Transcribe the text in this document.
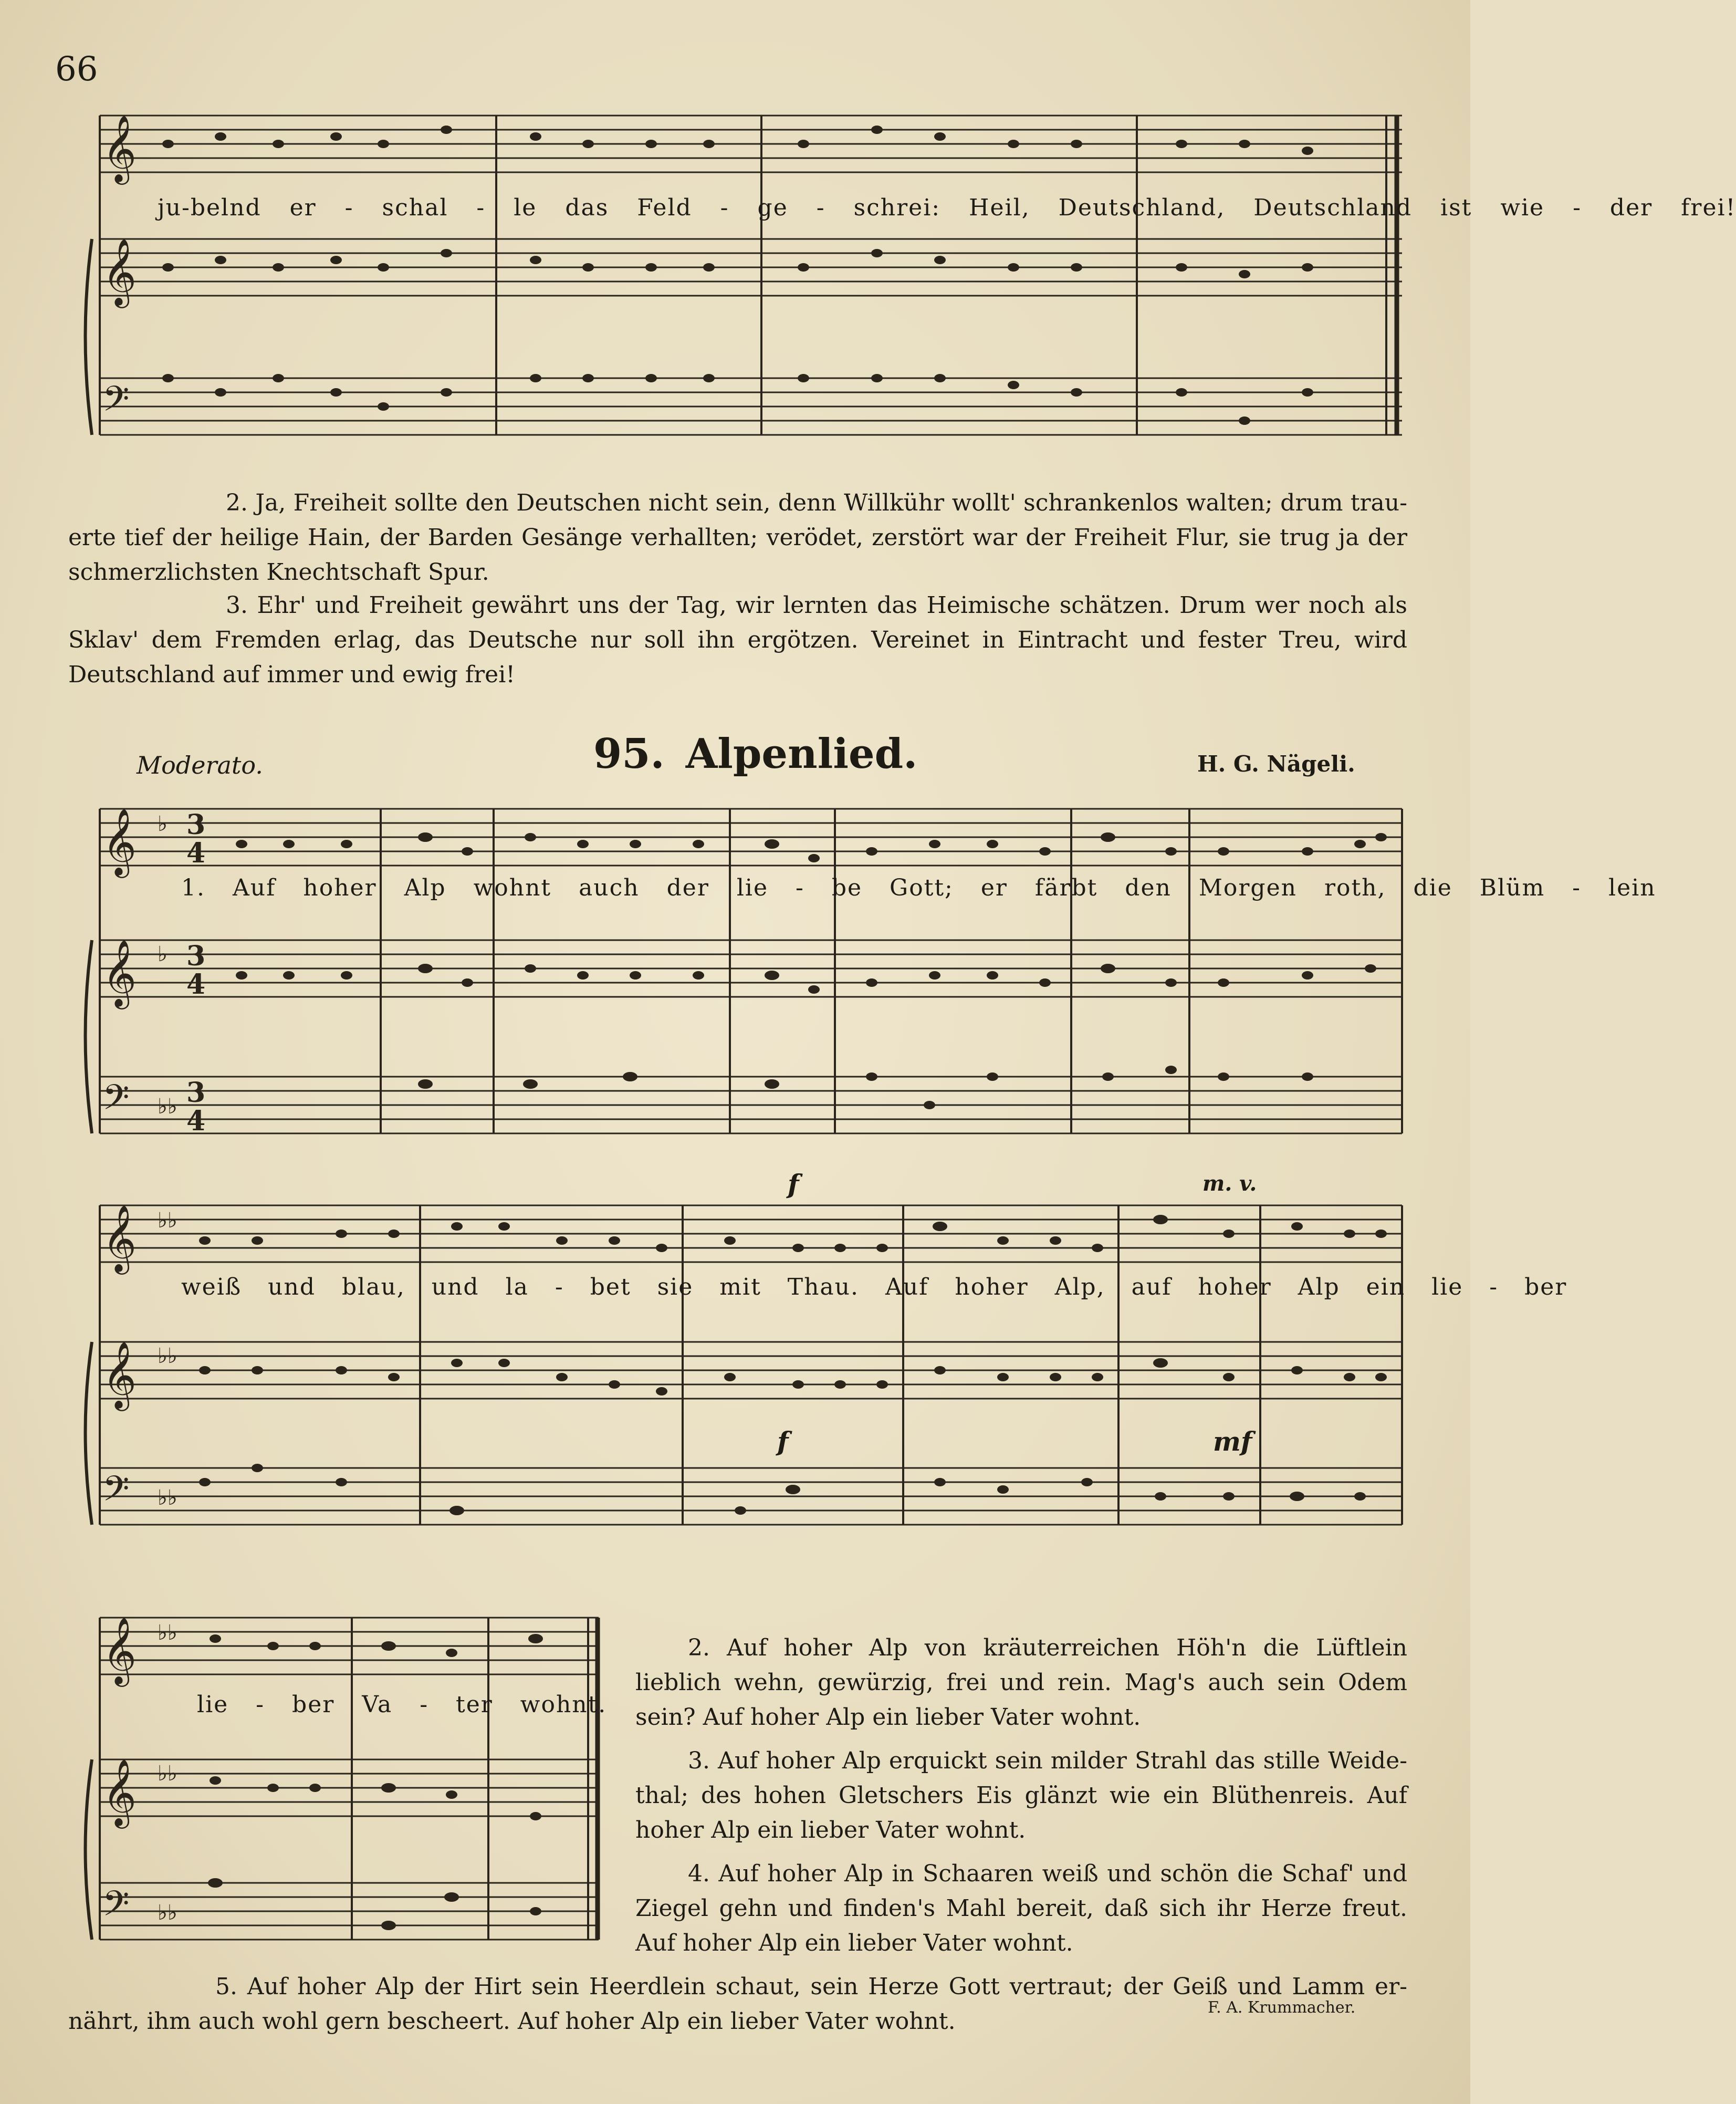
66
𝄞
𝄞
𝄢
ju-belnd er - schal - le das Feld - ge - schrei: Heil, Deutschland, Deutschland ist wie - der frei!
2. Ja, Freiheit sollte den Deutschen nicht sein, denn Willkühr wollt' schrankenlos walten; drum trau-erte tief der heilige Hain, der Barden Gesänge verhallten; verödet, zerstört war der Freiheit Flur, sie trug ja der schmerzlichsten Knechtschaft Spur.
3. Ehr' und Freiheit gewährt uns der Tag, wir lernten das Heimische schätzen. Drum wer noch als Sklav' dem Fremden erlag, das Deutsche nur soll ihn ergötzen. Vereinet in Eintracht und fester Treu, wird Deutschland auf immer und ewig frei!
Moderato.	95. Alpenlied.	H. G. Nägeli.
𝄞
𝄞
𝄢
♭
♭
♭♭
3
4
3
4
3
4
1. Auf hoher Alp wohnt auch der lie - be Gott; er färbt den Morgen roth, die Blüm - lein
𝄞
𝄞
𝄢
♭♭
♭♭
♭♭
f	m. v.
weiß und blau, und la - bet sie mit Thau. Auf hoher Alp, auf hoher Alp ein lie - ber
f	mf
𝄞
𝄞
𝄢
♭♭
♭♭
♭♭
lie - ber Va - ter wohnt.
2. Auf hoher Alp von kräuterreichen Höh'n die Lüftlein lieblich wehn, gewürzig, frei und rein. Mag's auch sein Odem sein? Auf hoher Alp ein lieber Vater wohnt.
3. Auf hoher Alp erquickt sein milder Strahl das stille Weide-thal; des hohen Gletschers Eis glänzt wie ein Blüthenreis. Auf hoher Alp ein lieber Vater wohnt.
4. Auf hoher Alp in Schaaren weiß und schön die Schaf' und Ziegel gehn und finden's Mahl bereit, daß sich ihr Herze freut. Auf hoher Alp ein lieber Vater wohnt.
5. Auf hoher Alp der Hirt sein Heerdlein schaut, sein Herze Gott vertraut; der Geiß und Lamm er-nährt, ihm auch wohl gern bescheert. Auf hoher Alp ein lieber Vater wohnt.
F. A. Krummacher.
